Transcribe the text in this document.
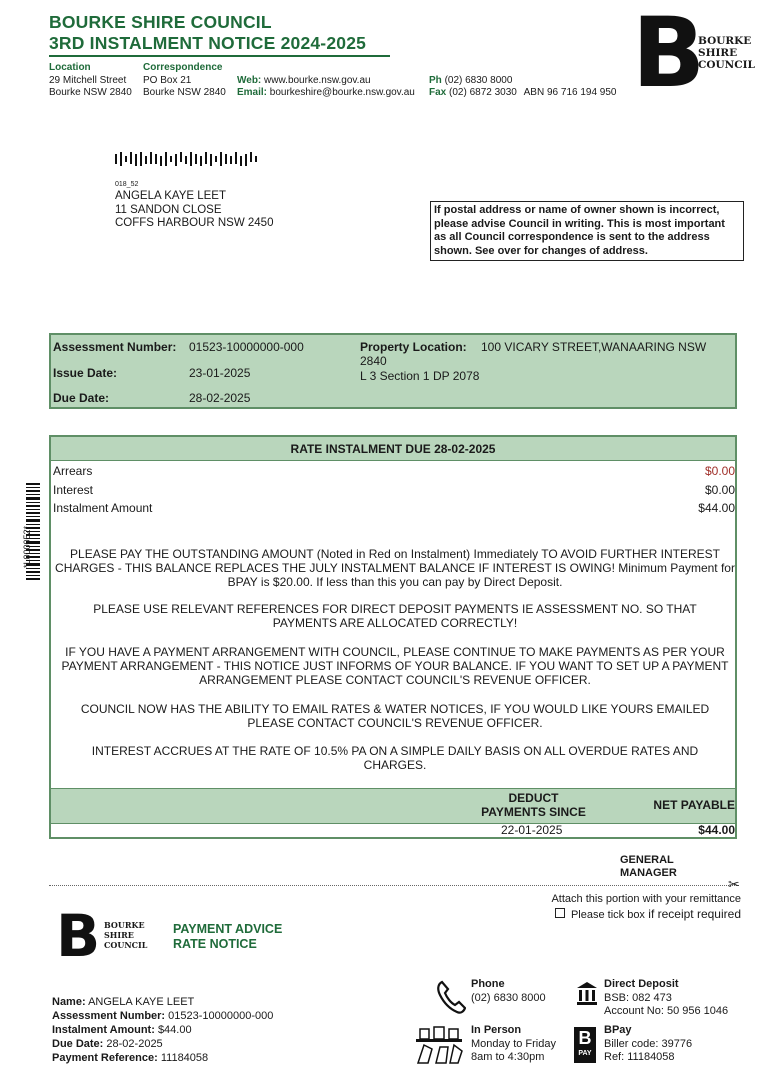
BOURKE SHIRE COUNCIL
3RD INSTALMENT NOTICE 2024-2025
Location
29 Mitchell Street
Bourke NSW 2840
Correspondence
PO Box 21
Bourke NSW 2840
Web: www.bourke.nsw.gov.au
Email: bourkeshire@bourke.nsw.gov.au
Ph (02) 6830 8000
Fax (02) 6872 3030 ABN 96 716 194 950 B
BOURKE
SHIRE
COUNCIL
018_52
ANGELA KAYE LEET
11 SANDON CLOSE
COFFS HARBOUR NSW 2450
If postal address or name of owner shown is incorrect, please advise Council in writing. This is most important as all Council correspondence is sent to the address shown. See over for changes of address.
Assessment Number: 01523-10000000-000
Issue Date:	23-01-2025
Due Date:	28-02-2025
Property Location: 100 VICARY STREET,WANAARING NSW
2840
L 3 Section 1 DP 2078
RATE INSTALMENT DUE 28-02-2025
Arrears	$0.00
Interest	$0.00
Instalment Amount	$44.00
PLEASE PAY THE OUTSTANDING AMOUNT (Noted in Red on Instalment) Immediately TO AVOID FURTHER INTEREST CHARGES - THIS BALANCE REPLACES THE JULY INSTALMENT BALANCE IF INTEREST IS OWING! Minimum Payment for BPAY is $20.00. If less than this you can pay by Direct Deposit.
PLEASE USE RELEVANT REFERENCES FOR DIRECT DEPOSIT PAYMENTS IE ASSESSMENT NO. SO THAT PAYMENTS ARE ALLOCATED CORRECTLY!
IF YOU HAVE A PAYMENT ARRANGEMENT WITH COUNCIL, PLEASE CONTINUE TO MAKE PAYMENTS AS PER YOUR PAYMENT ARRANGEMENT - THIS NOTICE JUST INFORMS OF YOUR BALANCE. IF YOU WANT TO SET UP A PAYMENT ARRANGEMENT PLEASE CONTACT COUNCIL'S REVENUE OFFICER.
COUNCIL NOW HAS THE ABILITY TO EMAIL RATES & WATER NOTICES, IF YOU WOULD LIKE YOURS EMAILED PLEASE CONTACT COUNCIL'S REVENUE OFFICER.
INTEREST ACCRUES AT THE RATE OF 10.5% PA ON A SIMPLE DAILY BASIS ON ALL OVERDUE RATES AND CHARGES.
DEDUCT
PAYMENTS SINCE	NET PAYABLE
22-01-2025	$44.00
*L000052*
GENERAL
MANAGER
✂
Attach this portion with your remittance
Please tick box if receipt required
B BOURKE
SHIRE
COUNCIL
PAYMENT ADVICE
RATE NOTICE
Name: ANGELA KAYE LEET
Assessment Number: 01523-10000000-000
Instalment Amount: $44.00
Due Date: 28-02-2025
Payment Reference: 11184058
Phone
(02) 6830 8000
In Person
Monday to Friday
8am to 4:30pm
Direct Deposit
BSB: 082 473
Account No: 50 956 1046
B
PAY
BPay
Biller code: 39776
Ref: 11184058
